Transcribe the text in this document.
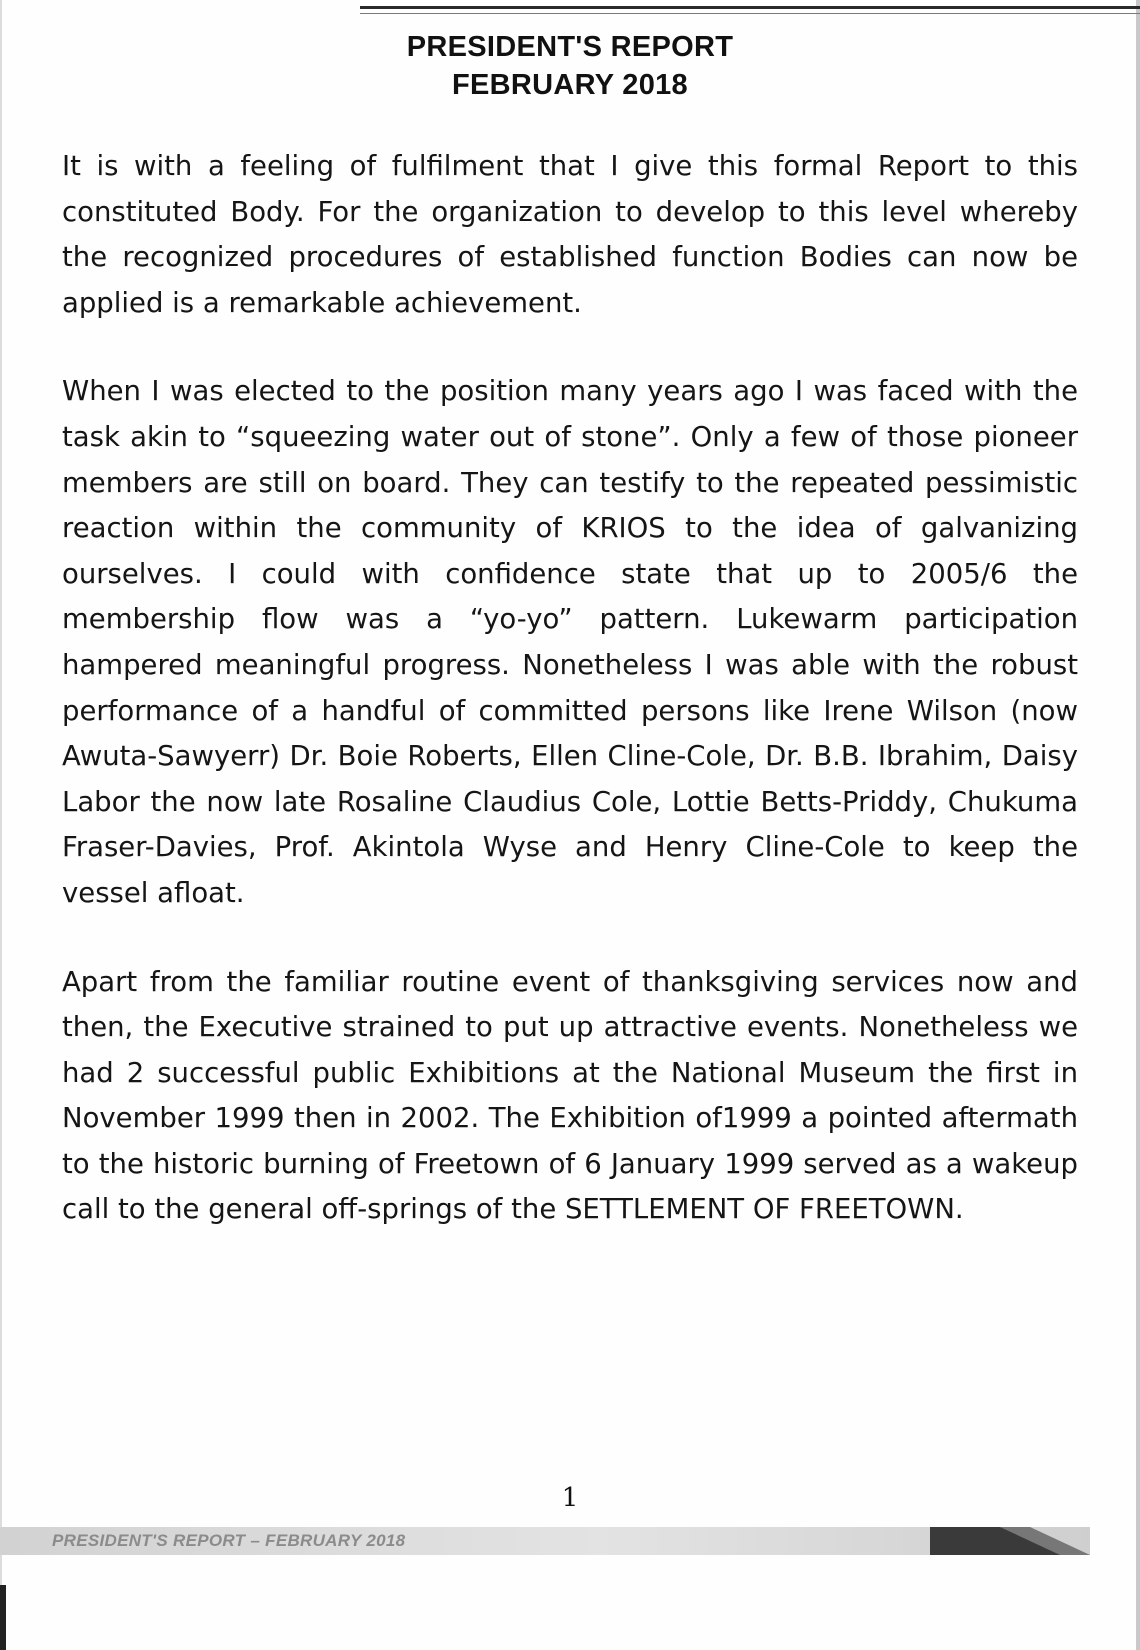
PRESIDENT'S REPORT
FEBRUARY 2018

It is with a feeling of fulfilment that I give this formal Report to this constituted Body. For the organization to develop to this level whereby the recognized procedures of established function Bodies can now be applied is a remarkable achievement.

When I was elected to the position many years ago I was faced with the task akin to “squeezing water out of stone”. Only a few of those pioneer members are still on board. They can testify to the repeated pessimistic reaction within the community of KRIOS to the idea of galvanizing ourselves. I could with confidence state that up to 2005/6 the membership flow was a “yo-yo” pattern. Lukewarm participation hampered meaningful progress. Nonetheless I was able with the robust performance of a handful of committed persons like Irene Wilson (now Awuta-Sawyerr) Dr. Boie Roberts, Ellen Cline-Cole, Dr. B.B. Ibrahim, Daisy Labor the now late Rosaline Claudius Cole, Lottie Betts-Priddy, Chukuma Fraser-Davies, Prof. Akintola Wyse and Henry Cline-Cole to keep the vessel afloat.

Apart from the familiar routine event of thanksgiving services now and then, the Executive strained to put up attractive events. Nonetheless we had 2 successful public Exhibitions at the National Museum the first in November 1999 then in 2002. The Exhibition of1999 a pointed aftermath to the historic burning of Freetown of 6 January 1999 served as a wakeup call to the general off-springs of the SETTLEMENT OF FREETOWN.

1
PRESIDENT'S REPORT – FEBRUARY 2018
